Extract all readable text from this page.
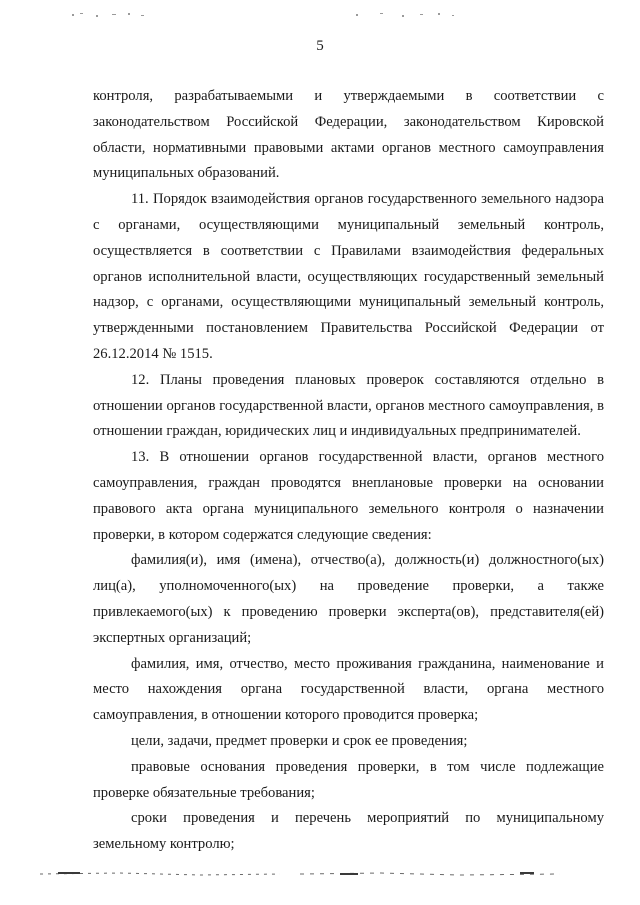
5

контроля, разрабатываемыми и утверждаемыми в соответствии с законодательством Российской Федерации, законодательством Кировской области, нормативными правовыми актами органов местного самоуправления муниципальных образований.

11. Порядок взаимодействия органов государственного земельного надзора с органами, осуществляющими муниципальный земельный контроль, осуществляется в соответствии с Правилами взаимодействия федеральных органов исполнительной власти, осуществляющих государственный земельный надзор, с органами, осуществляющими муниципальный земельный контроль, утвержденными постановлением Правительства Российской Федерации от 26.12.2014 № 1515.

12. Планы проведения плановых проверок составляются отдельно в отношении органов государственной власти, органов местного самоуправления, в отношении граждан, юридических лиц и индивидуальных предпринимателей.

13. В отношении органов государственной власти, органов местного самоуправления, граждан проводятся внеплановые проверки на основании правового акта органа муниципального земельного контроля о назначении проверки, в котором содержатся следующие сведения:

фамилия(и), имя (имена), отчество(а), должность(и) должностного(ых) лиц(а), уполномоченного(ых) на проведение проверки, а также привлекаемого(ых) к проведению проверки эксперта(ов), представителя(ей) экспертных организаций;

фамилия, имя, отчество, место проживания гражданина, наименование и место нахождения органа государственной власти, органа местного самоуправления, в отношении которого проводится проверка;

цели, задачи, предмет проверки и срок ее проведения;

правовые основания проведения проверки, в том числе подлежащие проверке обязательные требования;

сроки проведения и перечень мероприятий по муниципальному земельному контролю;
